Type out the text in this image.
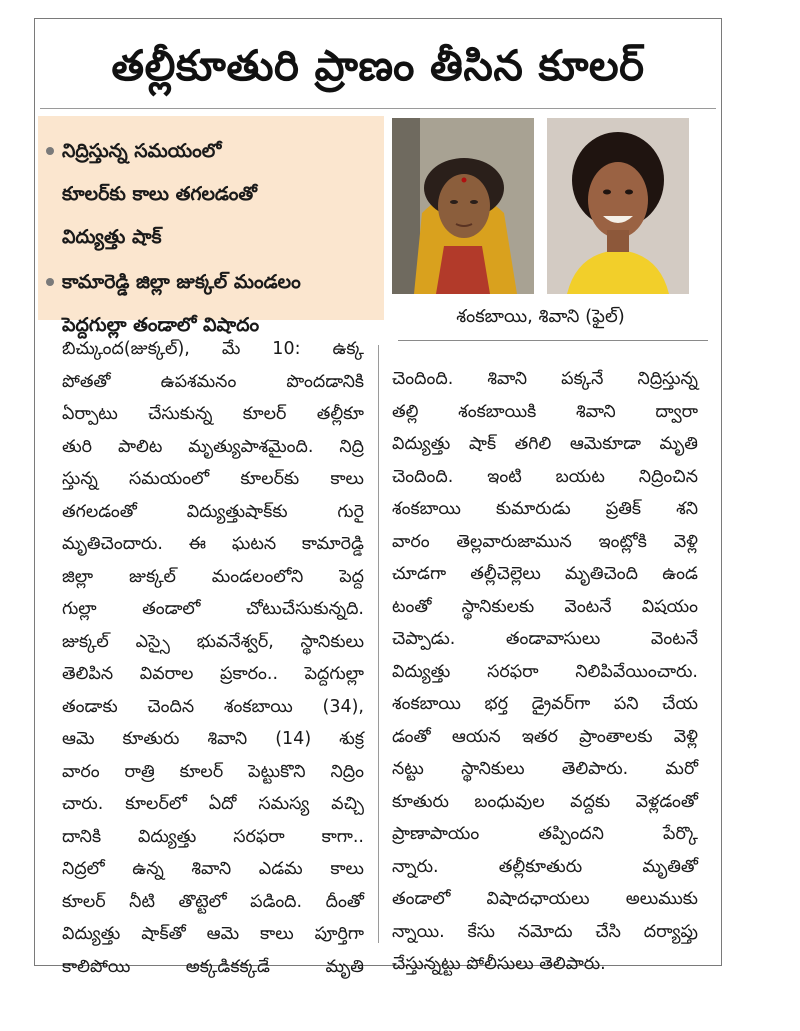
తల్లీకూతురి ప్రాణం తీసిన కూలర్
నిద్రిస్తున్న సమయంలో
కూలర్‌కు కాలు తగలడంతో
విద్యుత్తు షాక్
కామారెడ్డి జిల్లా జుక్కల్ మండలం
పెద్దగుల్లా తండాలో విషాదం	శంకబాయి, శివాని (ఫైల్)
బిచ్కుంద(జుక్కల్), మే 10: ఉక్క
పోతతో ఉపశమనం పొందడానికి
ఏర్పాటు చేసుకున్న కూలర్ తల్లీకూ
తురి పాలిట మృత్యుపాశమైంది. నిద్రి
స్తున్న సమయంలో కూలర్‌కు కాలు
తగలడంతో విద్యుత్తుషాక్‌కు గురై
మృతిచెందారు. ఈ ఘటన కామారెడ్డి
జిల్లా జుక్కల్ మండలంలోని పెద్ద
గుల్లా తండాలో చోటుచేసుకున్నది.
జుక్కల్ ఎస్సై భువనేశ్వర్, స్థానికులు
తెలిపిన వివరాల ప్రకారం.. పెద్దగుల్లా
తండాకు చెందిన శంకబాయి (34),
ఆమె కూతురు శివాని (14) శుక్ర
వారం రాత్రి కూలర్ పెట్టుకొని నిద్రిం
చారు. కూలర్‌లో ఏదో సమస్య వచ్చి
దానికి విద్యుత్తు సరఫరా కాగా..
నిద్రలో ఉన్న శివాని ఎడమ కాలు
కూలర్ నీటి తొట్టెలో పడింది. దీంతో
విద్యుత్తు షాక్‌తో ఆమె కాలు పూర్తిగా
కాలిపోయి అక్కడికక్కడే మృతి
చెందింది. శివాని పక్కనే నిద్రిస్తున్న
తల్లి శంకబాయికి శివాని ద్వారా
విద్యుత్తు షాక్ తగిలి ఆమెకూడా మృతి
చెందింది. ఇంటి బయట నిద్రించిన
శంకబాయి కుమారుడు ప్రతిక్ శని
వారం తెల్లవారుజామున ఇంట్లోకి వెళ్లి
చూడగా తల్లీచెల్లెలు మృతిచెంది ఉండ
టంతో స్థానికులకు వెంటనే విషయం
చెప్పాడు. తండావాసులు వెంటనే
విద్యుత్తు సరఫరా నిలిపివేయించారు.
శంకబాయి భర్త డ్రైవర్‌గా పని చేయ
డంతో ఆయన ఇతర ప్రాంతాలకు వెళ్లి
నట్టు స్థానికులు తెలిపారు. మరో
కూతురు బంధువుల వద్దకు వెళ్లడంతో
ప్రాణాపాయం తప్పిందని పేర్కొ
న్నారు. తల్లీకూతురు మృతితో
తండాలో విషాదఛాయలు అలుముకు
న్నాయి. కేసు నమోదు చేసి దర్యాప్తు
చేస్తున్నట్టు పోలీసులు తెలిపారు.
